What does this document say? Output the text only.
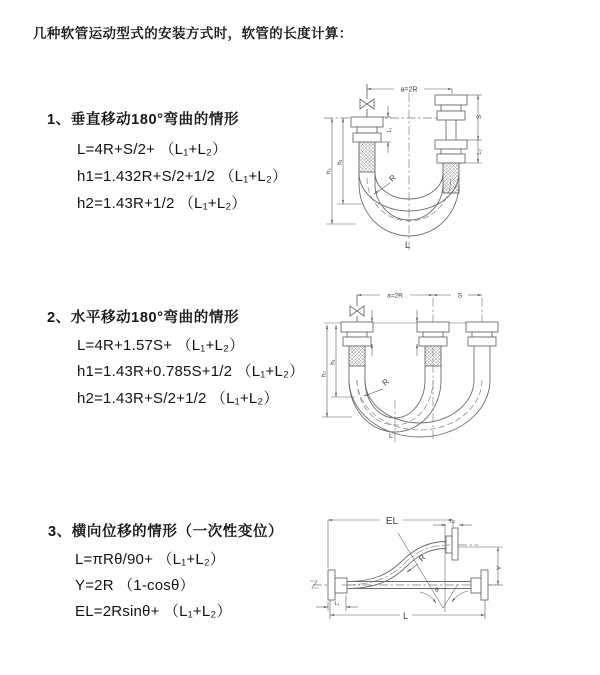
几种软管运动型式的安装方式时，软管的长度计算：
1、垂直移动180°弯曲的情形
L=4R+S/2+ （L₁+L₂）
h1=1.432R+S/2+1/2 （L₁+L₂）
h2=1.43R+1/2 （L₁+L₂）
2、水平移动180°弯曲的情形
L=4R+1.57S+ （L₁+L₂）
h1=1.43R+0.785S+1/2 （L₁+L₂）
h2=1.43R+S/2+1/2 （L₁+L₂）
3、横向位移的情形（一次性变位）
L=πRθ/90+ （L₁+L₂）
Y=2R （1-cosθ）
EL=2Rsinθ+ （L₁+L₂）
a=2R
L₁
S
L₂
h₁
h₂
R
L
a=2R	S
h₁
h₂
R
L
EL	L₂
R
Y
θ
L
L₁
